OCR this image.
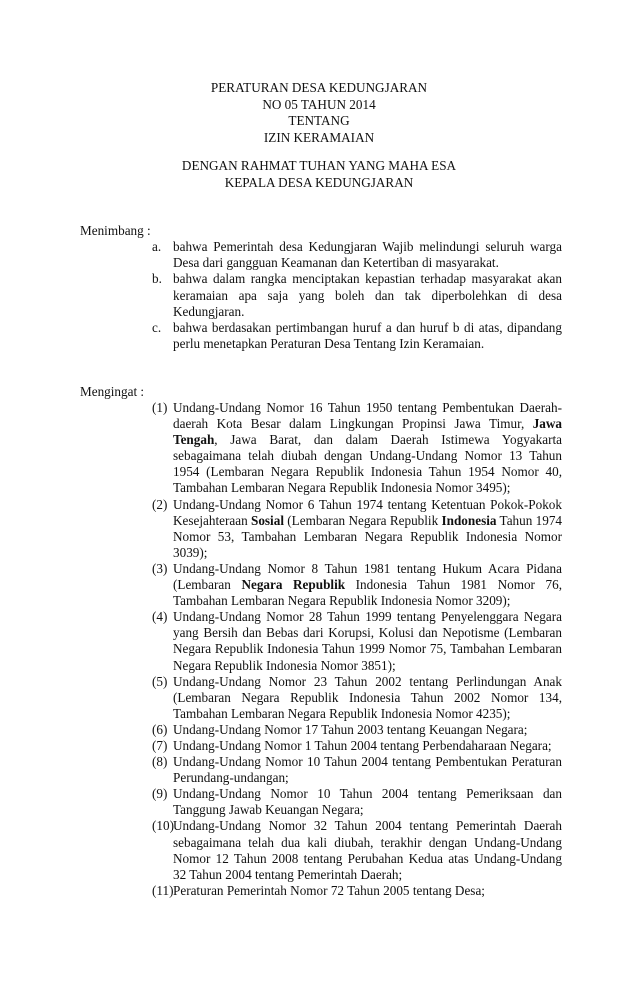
PERATURAN DESA KEDUNGJARAN
NO 05 TAHUN 2014
TENTANG
IZIN KERAMAIAN
DENGAN RAHMAT TUHAN YANG MAHA ESA
KEPALA DESA KEDUNGJARAN
Menimbang :
a. bahwa Pemerintah desa Kedungjaran Wajib melindungi seluruh warga Desa dari gangguan Keamanan dan Ketertiban di masyarakat.
b. bahwa dalam rangka menciptakan kepastian terhadap masyarakat akan keramaian apa saja yang boleh dan tak diperbolehkan di desa Kedungjaran.
c. bahwa berdasakan pertimbangan huruf a dan huruf b di atas, dipandang perlu menetapkan Peraturan Desa Tentang Izin Keramaian.
Mengingat :
(1) Undang-Undang Nomor 16 Tahun 1950 tentang Pembentukan Daerah- daerah Kota Besar dalam Lingkungan Propinsi Jawa Timur, Jawa Tengah, Jawa Barat, dan dalam Daerah Istimewa Yogyakarta sebagaimana telah diubah dengan Undang-Undang Nomor 13 Tahun 1954 (Lembaran Negara Republik Indonesia Tahun 1954 Nomor 40, Tambahan Lembaran Negara Republik Indonesia Nomor 3495);
(2) Undang-Undang Nomor 6 Tahun 1974 tentang Ketentuan Pokok-Pokok Kesejahteraan Sosial (Lembaran Negara Republik Indonesia Tahun 1974 Nomor 53, Tambahan Lembaran Negara Republik Indonesia Nomor 3039);
(3) Undang-Undang Nomor 8 Tahun 1981 tentang Hukum Acara Pidana (Lembaran Negara Republik Indonesia Tahun 1981 Nomor 76, Tambahan Lembaran Negara Republik Indonesia Nomor 3209);
(4) Undang-Undang Nomor 28 Tahun 1999 tentang Penyelenggara Negara yang Bersih dan Bebas dari Korupsi, Kolusi dan Nepotisme (Lembaran Negara Republik Indonesia Tahun 1999 Nomor 75, Tambahan Lembaran Negara Republik Indonesia Nomor 3851);
(5) Undang-Undang Nomor 23 Tahun 2002 tentang Perlindungan Anak (Lembaran Negara Republik Indonesia Tahun 2002 Nomor 134, Tambahan Lembaran Negara Republik Indonesia Nomor 4235);
(6) Undang-Undang Nomor 17 Tahun 2003 tentang Keuangan Negara;
(7) Undang-Undang Nomor 1 Tahun 2004 tentang Perbendaharaan Negara;
(8) Undang-Undang Nomor 10 Tahun 2004 tentang Pembentukan Peraturan Perundang-undangan;
(9) Undang-Undang Nomor 10 Tahun 2004 tentang Pemeriksaan dan Tanggung Jawab Keuangan Negara;
(10) Undang-Undang Nomor 32 Tahun 2004 tentang Pemerintah Daerah sebagaimana telah dua kali diubah, terakhir dengan Undang-Undang Nomor 12 Tahun 2008 tentang Perubahan Kedua atas Undang-Undang 32 Tahun 2004 tentang Pemerintah Daerah;
(11) Peraturan Pemerintah Nomor 72 Tahun 2005 tentang Desa;
